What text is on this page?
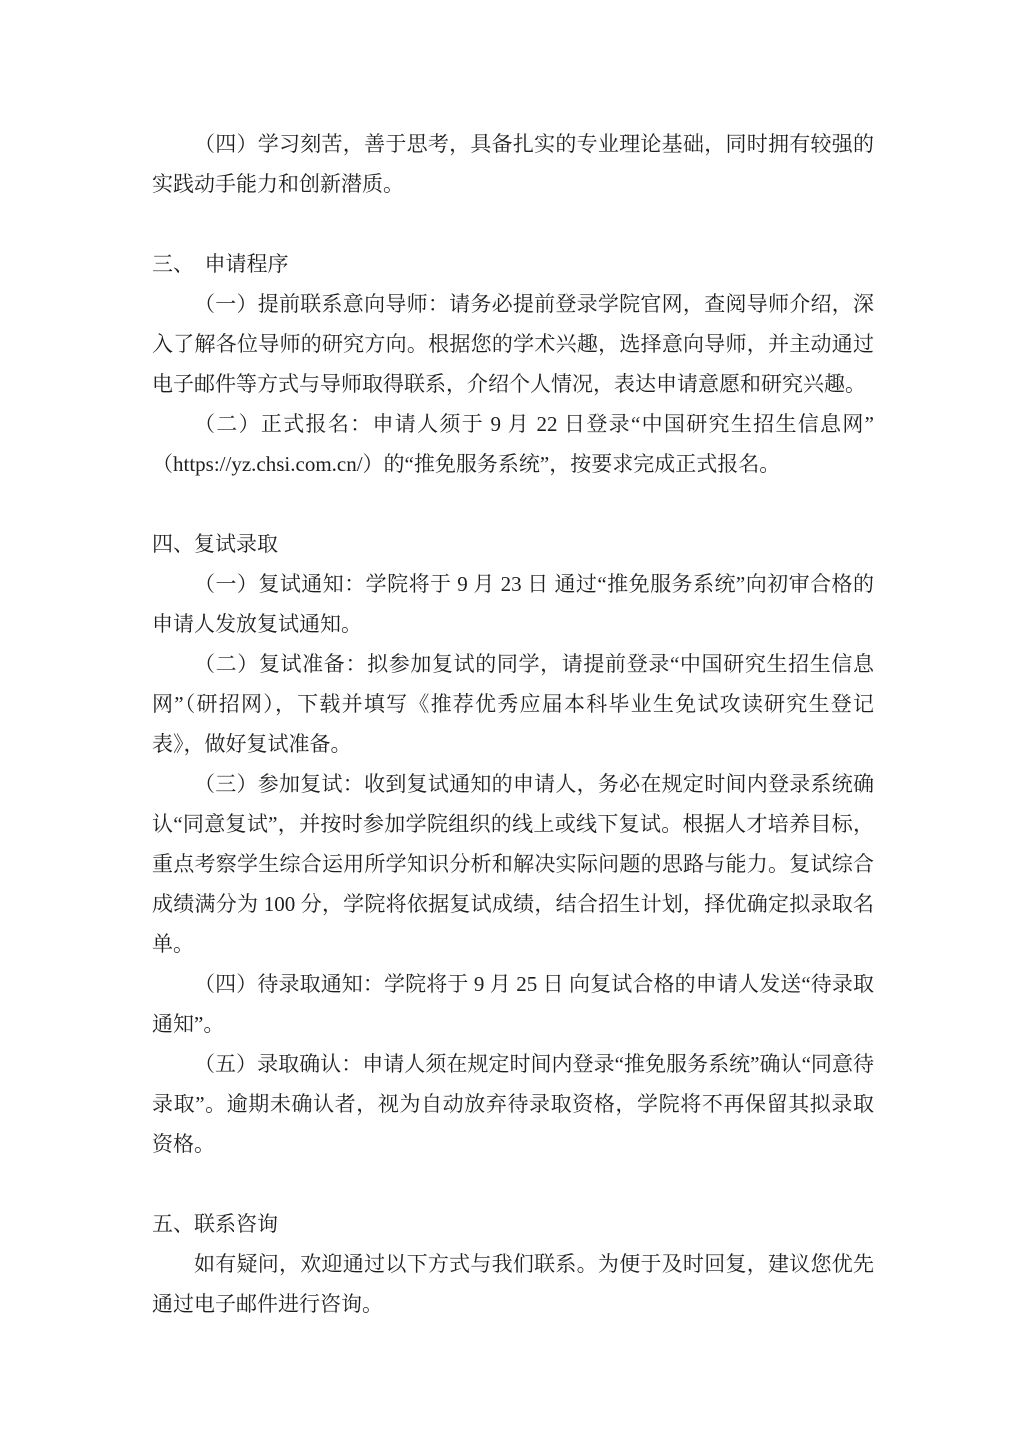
（四）学习刻苦，善于思考，具备扎实的专业理论基础，同时拥有较强的实践动手能力和创新潜质。

三、　申请程序

（一）提前联系意向导师：请务必提前登录学院官网，查阅导师介绍，深入了解各位导师的研究方向。根据您的学术兴趣，选择意向导师，并主动通过电子邮件等方式与导师取得联系，介绍个人情况，表达申请意愿和研究兴趣。

（二）正式报名：申请人须于 9 月 22 日登录“中国研究生招生信息网”（https://yz.chsi.com.cn/）的“推免服务系统”，按要求完成正式报名。

四、复试录取

（一）复试通知：学院将于 9 月 23 日 通过“推免服务系统”向初审合格的申请人发放复试通知。

（二）复试准备：拟参加复试的同学，请提前登录“中国研究生招生信息网”（研招网），下载并填写《推荐优秀应届本科毕业生免试攻读研究生登记表》，做好复试准备。

（三）参加复试：收到复试通知的申请人，务必在规定时间内登录系统确认“同意复试”，并按时参加学院组织的线上或线下复试。根据人才培养目标，重点考察学生综合运用所学知识分析和解决实际问题的思路与能力。复试综合成绩满分为 100 分，学院将依据复试成绩，结合招生计划，择优确定拟录取名单。

（四）待录取通知：学院将于 9 月 25 日 向复试合格的申请人发送“待录取通知”。

（五）录取确认：申请人须在规定时间内登录“推免服务系统”确认“同意待录取”。逾期未确认者，视为自动放弃待录取资格，学院将不再保留其拟录取资格。

五、联系咨询

如有疑问，欢迎通过以下方式与我们联系。为便于及时回复，建议您优先通过电子邮件进行咨询。
